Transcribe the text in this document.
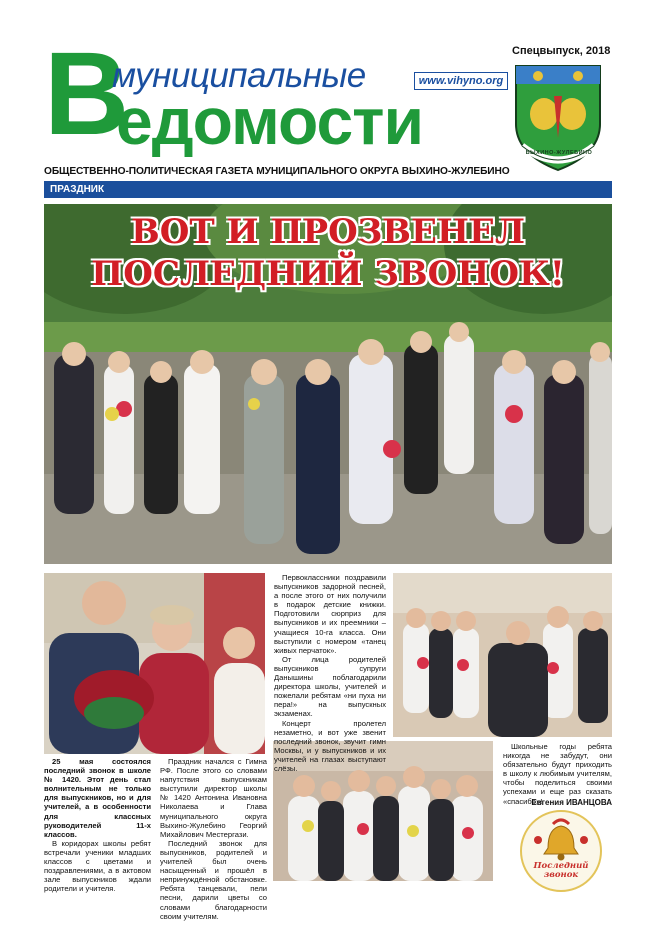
В
муниципальные
едомости
www.vihyno.org
Спецвыпуск, 2018
ВЫХИНО-ЖУЛЕБИНО
ОБЩЕСТВЕННО-ПОЛИТИЧЕСКАЯ ГАЗЕТА МУНИЦИПАЛЬНОГО ОКРУГА ВЫХИНО-ЖУЛЕБИНО
ПРАЗДНИК
ВОТ И ПРОЗВЕНЕЛ
ПОСЛЕДНИЙ ЗВОНОК!

25 мая состоялся последний звонок в школе № 1420. Этот день стал волнительным не только для выпускников, но и для учителей, а в особенности для классных руководителей 11-х классов.

В коридорах школы ребят встречали ученики младших классов с цветами и поздравлениями, а в актовом зале выпускников ждали родители и учителя.

Праздник начался с Гимна РФ. После этого со словами напутствия выпускникам выступили директор школы № 1420 Антонина Ивановна Николаева и Глава муниципального округа Выхино-Жулебино Георгий Михайлович Местергази.

Последний звонок для выпускников, родителей и учителей был очень насыщенный и прошёл в непринуждённой обстановке. Ребята танцевали, пели песни, дарили цветы со словами благодарности своим учителям.

Первоклассники поздравили выпускников задорной песней, а после этого от них получили в подарок детские книжки. Подготовили сюрприз для выпускников и их преемники – учащиеся 10-га класса. Они выступили с номером «танец живых перчаток».

От лица родителей выпускников супруги Данышины поблагодарили директора школы, учителей и пожелали ребятам «ни пуха ни пера!» на выпускных экзаменах.

Концерт пролетел незаметно, и вот уже звенит последний звонок, звучит гимн Москвы, и у выпускников и их учителей на глазах выступают слёзы.

Школьные годы ребята никогда не забудут, они обязательно будут приходить в школу к любимым учителям, чтобы поделиться своими успехами и еще раз сказать «спасибо»!

Евгения ИВАНЦОВА
Последний
звонок
